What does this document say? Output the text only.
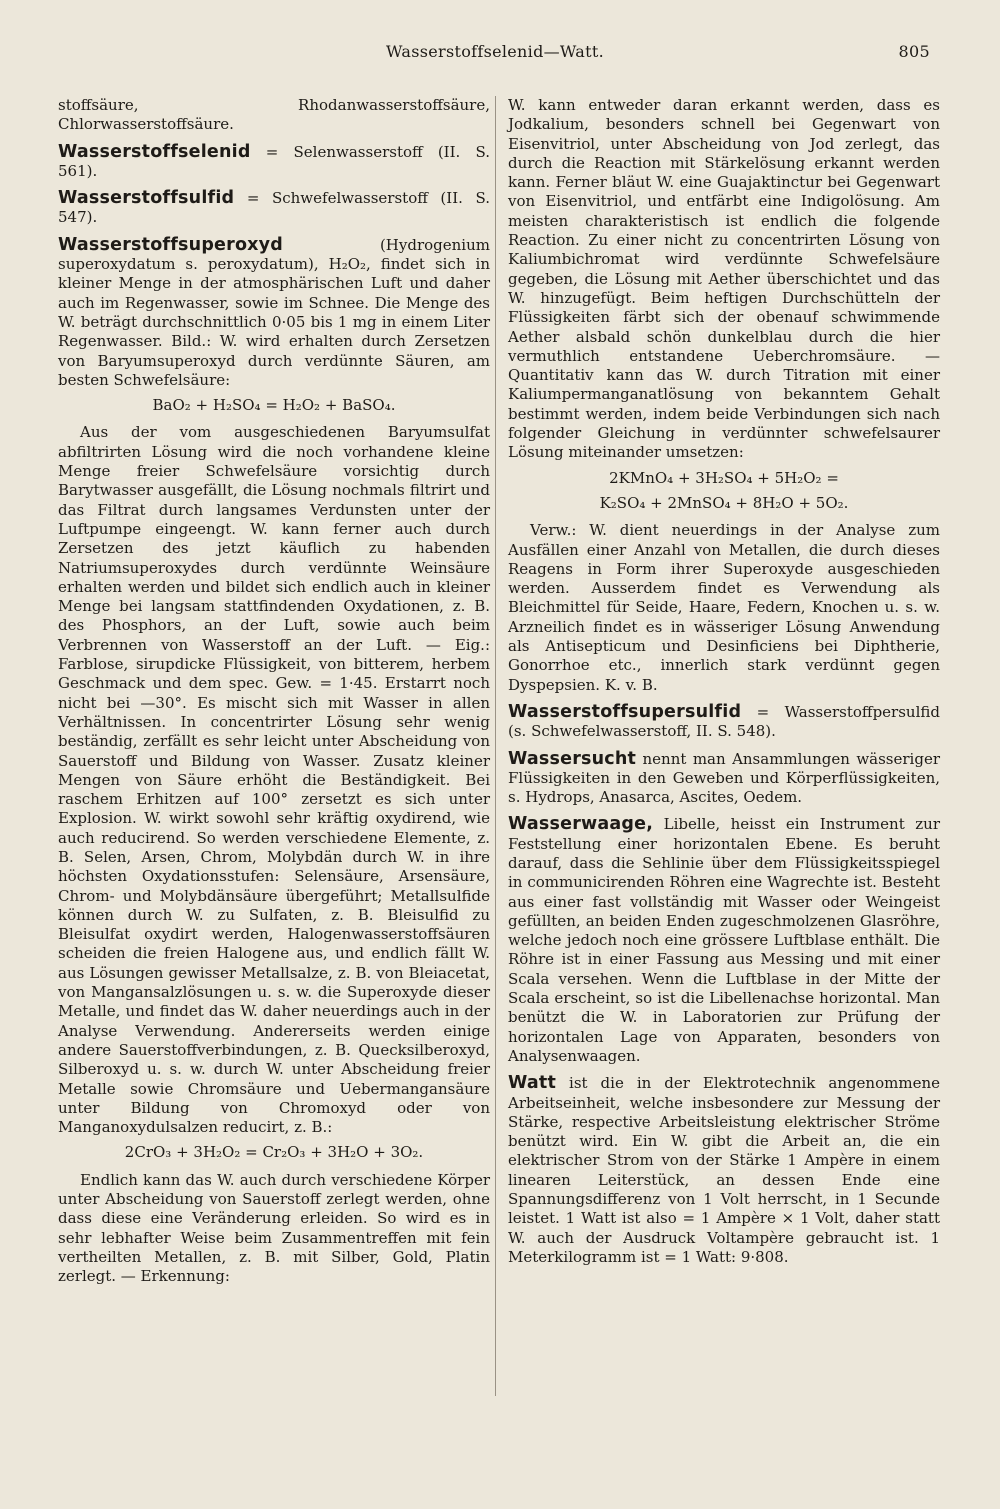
Wasserstoffselenid—Watt.	805

stoffsäure, Rhodanwasserstoffsäure, Chlorwasserstoffsäure.

Wasserstoffselenid = Selenwasserstoff (II. S. 561).

Wasserstoffsulfid = Schwefelwasserstoff (II. S. 547).

Wasserstoffsuperoxyd	(Hydrogenium superoxydatum s. peroxydatum), H₂O₂, findet sich in kleiner Menge in der atmosphärischen Luft und daher auch im Regenwasser, sowie im Schnee. Die Menge des W. beträgt durchschnittlich 0·05 bis 1 mg in einem Liter Regenwasser. Bild.: W. wird erhalten durch Zersetzen von Baryumsuperoxyd durch verdünnte Säuren, am besten Schwefelsäure:

BaO₂ + H₂SO₄ = H₂O₂ + BaSO₄.

Aus der vom ausgeschiedenen Baryumsulfat abfiltrirten Lösung wird die noch vorhandene kleine Menge freier Schwefelsäure vorsichtig durch Barytwasser ausgefällt, die Lösung nochmals filtrirt und das Filtrat durch langsames Verdunsten unter der Luftpumpe eingeengt. W. kann ferner auch durch Zersetzen des jetzt käuflich zu habenden Natriumsuperoxydes durch verdünnte Weinsäure erhalten werden und bildet sich endlich auch in kleiner Menge bei langsam stattfindenden Oxydationen, z. B. des Phosphors, an der Luft, sowie auch beim Verbrennen von Wasserstoff an der Luft. — Eig.: Farblose, sirupdicke Flüssigkeit, von bitterem, herbem Geschmack und dem spec. Gew. = 1·45. Erstarrt noch nicht bei —30°. Es mischt sich mit Wasser in allen Verhältnissen. In concentrirter Lösung sehr wenig beständig, zerfällt es sehr leicht unter Abscheidung von Sauerstoff und Bildung von Wasser. Zusatz kleiner Mengen von Säure erhöht die Beständigkeit. Bei raschem Erhitzen auf 100° zersetzt es sich unter Explosion. W. wirkt sowohl sehr kräftig oxydirend, wie auch reducirend. So werden verschiedene Elemente, z. B. Selen, Arsen, Chrom, Molybdän durch W. in ihre höchsten Oxydationsstufen: Selensäure, Arsensäure, Chrom- und Molybdänsäure übergeführt; Metallsulfide können durch W. zu Sulfaten, z. B. Bleisulfid zu Bleisulfat oxydirt werden, Halogenwasserstoffsäuren scheiden die freien Halogene aus, und endlich fällt W. aus Lösungen gewisser Metallsalze, z. B. von Bleiacetat, von Mangansalzlösungen u. s. w. die Superoxyde dieser Metalle, und findet das W. daher neuerdings auch in der Analyse Verwendung. Andererseits werden einige andere Sauerstoffverbindungen, z. B. Quecksilberoxyd, Silberoxyd u. s. w. durch W. unter Abscheidung freier Metalle sowie Chromsäure und Uebermangansäure unter Bildung von Chromoxyd oder von Manganoxydulsalzen reducirt, z. B.:

2CrO₃ + 3H₂O₂ = Cr₂O₃ + 3H₂O + 3O₂.

Endlich kann das W. auch durch verschiedene Körper unter Abscheidung von Sauerstoff zerlegt werden, ohne dass diese eine Veränderung erleiden. So wird es in sehr lebhafter Weise beim Zusammentreffen mit fein vertheilten Metallen, z. B. mit Silber, Gold, Platin zerlegt. — Erkennung:

W. kann entweder daran erkannt werden, dass es Jodkalium, besonders schnell bei Gegenwart von Eisenvitriol, unter Abscheidung von Jod zerlegt, das durch die Reaction mit Stärkelösung erkannt werden kann. Ferner bläut W. eine Guajaktinctur bei Gegenwart von Eisenvitriol, und entfärbt eine Indigolösung. Am meisten charakteristisch ist endlich die folgende Reaction. Zu einer nicht zu concentrirten Lösung von Kaliumbichromat wird verdünnte Schwefelsäure gegeben, die Lösung mit Aether überschichtet und das W. hinzugefügt. Beim heftigen Durchschütteln der Flüssigkeiten färbt sich der obenauf schwimmende Aether alsbald schön dunkelblau durch die hier vermuthlich entstandene Ueberchromsäure. — Quantitativ kann das W. durch Titration mit einer Kaliumpermanganatlösung von bekanntem Gehalt bestimmt werden, indem beide Verbindungen sich nach folgender Gleichung in verdünnter schwefelsaurer Lösung miteinander umsetzen:

2KMnO₄ + 3H₂SO₄ + 5H₂O₂ =
K₂SO₄ + 2MnSO₄ + 8H₂O + 5O₂.

Verw.: W. dient neuerdings in der Analyse zum Ausfällen einer Anzahl von Metallen, die durch dieses Reagens in Form ihrer Superoxyde ausgeschieden werden. Ausserdem findet es Verwendung als Bleichmittel für Seide, Haare, Federn, Knochen u. s. w. Arzneilich findet es in wässeriger Lösung Anwendung als Antisepticum und Desinficiens bei Diphtherie, Gonorrhoe etc., innerlich stark verdünnt gegen Dyspepsien. K. v. B.

Wasserstoffsupersulfid = Wasserstoffpersulfid (s. Schwefelwasserstoff, II. S. 548).

Wassersucht nennt man Ansammlungen wässeriger Flüssigkeiten in den Geweben und Körperflüssigkeiten, s. Hydrops, Anasarca, Ascites, Oedem.

Wasserwaage, Libelle, heisst ein Instrument zur Feststellung einer horizontalen Ebene. Es beruht darauf, dass die Sehlinie über dem Flüssigkeitsspiegel in communicirenden Röhren eine Wagrechte ist. Besteht aus einer fast vollständig mit Wasser oder Weingeist gefüllten, an beiden Enden zugeschmolzenen Glasröhre, welche jedoch noch eine grössere Luftblase enthält. Die Röhre ist in einer Fassung aus Messing und mit einer Scala versehen. Wenn die Luftblase in der Mitte der Scala erscheint, so ist die Libellenachse horizontal. Man benützt die W. in Laboratorien zur Prüfung der horizontalen Lage von Apparaten, besonders von Analysenwaagen.

Watt ist die in der Elektrotechnik angenommene Arbeitseinheit, welche insbesondere zur Messung der Stärke, respective Arbeitsleistung elektrischer Ströme benützt wird. Ein W. gibt die Arbeit an, die ein elektrischer Strom von der Stärke 1 Ampère in einem linearen Leiterstück, an dessen Ende eine Spannungsdifferenz von 1 Volt herrscht, in 1 Secunde leistet. 1 Watt ist also = 1 Ampère × 1 Volt, daher statt W. auch der Ausdruck Voltampère gebraucht ist. 1 Meterkilogramm ist = 1 Watt: 9·808.
